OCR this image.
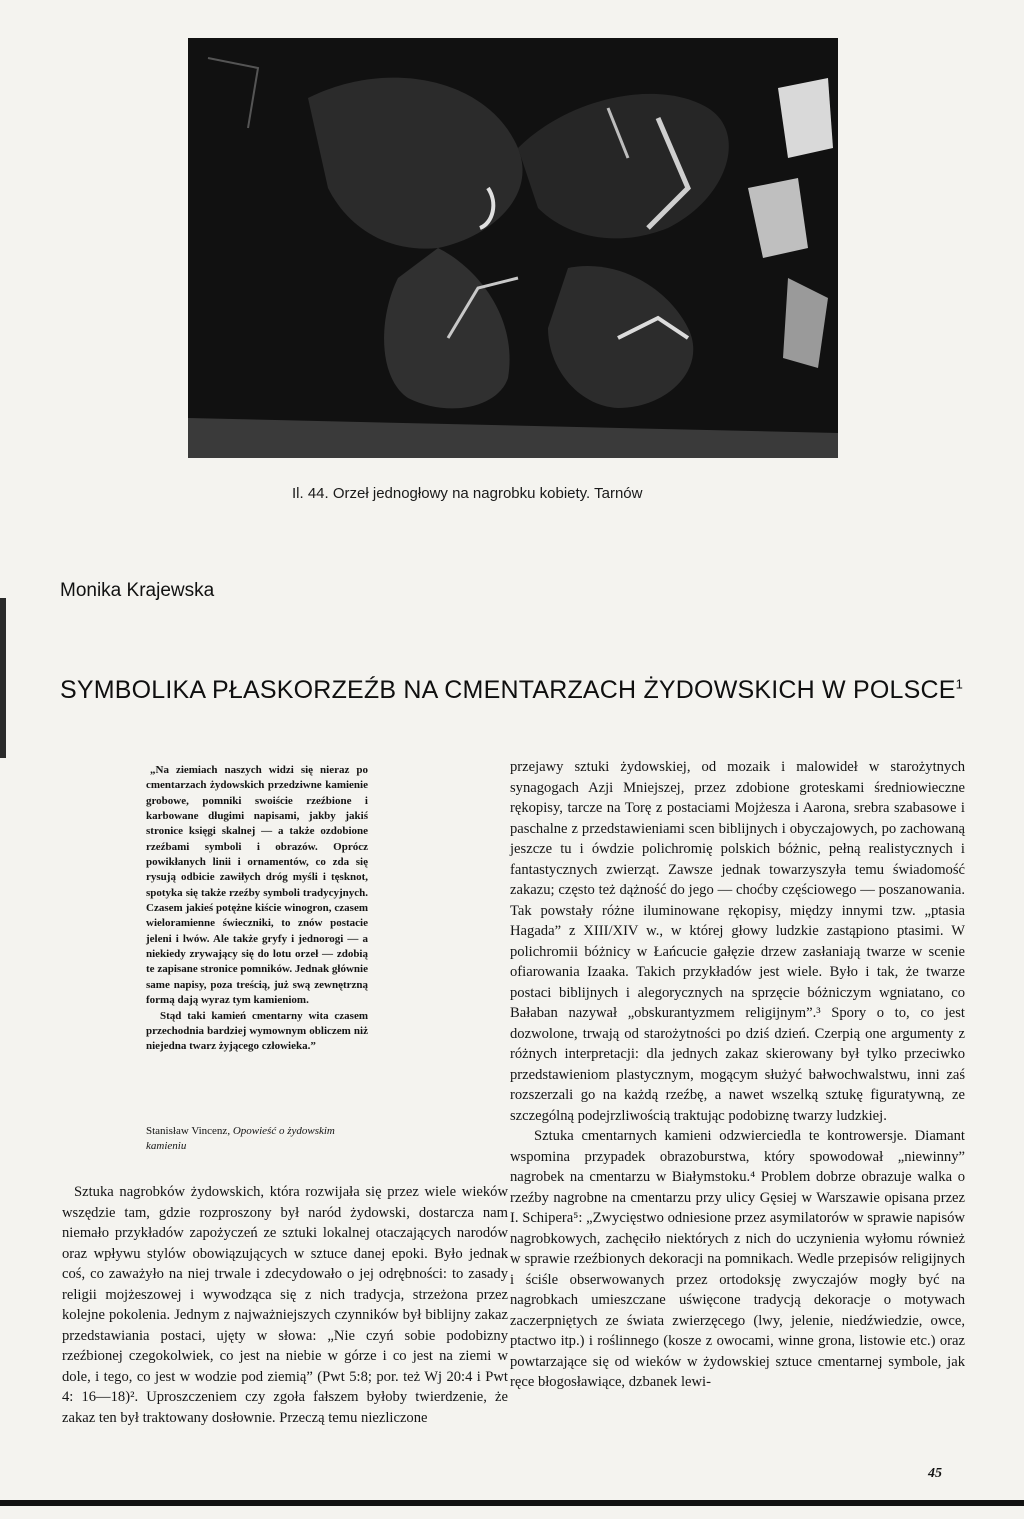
Il. 44. Orzeł jednogłowy na nagrobku kobiety. Tarnów
Monika Krajewska
SYMBOLIKA PŁASKORZEŹB NA CMENTARZACH ŻYDOWSKICH W POLSCE$^1$

„Na ziemiach naszych widzi się nieraz po cmentarzach żydowskich przedziwne kamienie grobowe, pomniki swoiście rzeźbione i karbowane długimi napisami, jakby jakiś stronice księgi skalnej — a także ozdobione rzeźbami symboli i obrazów. Oprócz powikłanych linii i ornamentów, co zda się rysują odbicie zawiłych dróg myśli i tęsknot, spotyka się także rzeźby symboli tradycyjnych. Czasem jakieś potężne kiście winogron, czasem wieloramienne świeczniki, to znów postacie jeleni i lwów. Ale także gryfy i jednorogi — a niekiedy zrywający się do lotu orzeł — zdobią te zapisane stronice pomników. Jednak głównie same napisy, poza treścią, już swą zewnętrzną formą dają wyraz tym kamieniom.

Stąd taki kamień cmentarny wita czasem przechodnia bardziej wymownym obliczem niż niejedna twarz żyjącego człowieka.”

Stanisław Vincenz, Opowieść o żydowskim kamieniu

Sztuka nagrobków żydowskich, która rozwijała się przez wiele wieków wszędzie tam, gdzie rozproszony był naród żydowski, dostarcza nam niemało przykładów zapożyczeń ze sztuki lokalnej otaczających narodów oraz wpływu stylów obowiązujących w sztuce danej epoki. Było jednak coś, co zaważyło na niej trwale i zdecydowało o jej odrębności: to zasady religii mojżeszowej i wywodząca się z nich tradycja, strzeżona przez kolejne pokolenia. Jednym z najważniejszych czynników był biblijny zakaz przedstawiania postaci, ujęty w słowa: „Nie czyń sobie podobizny rzeźbionej czegokolwiek, co jest na niebie w górze i co jest na ziemi w dole, i tego, co jest w wodzie pod ziemią” (Pwt 5:8; por. też Wj 20:4 i Pwt 4: 16—18)². Uproszczeniem czy zgoła fałszem byłoby twierdzenie, że zakaz ten był traktowany dosłownie. Przeczą temu niezliczone

przejawy sztuki żydowskiej, od mozaik i malowideł w starożytnych synagogach Azji Mniejszej, przez zdobione groteskami średniowieczne rękopisy, tarcze na Torę z postaciami Mojżesza i Aarona, srebra szabasowe i paschalne z przedstawieniami scen biblijnych i obyczajowych, po zachowaną jeszcze tu i ówdzie polichromię polskich bóżnic, pełną realistycznych i fantastycznych zwierząt. Zawsze jednak towarzyszyła temu świadomość zakazu; często też dążność do jego — choćby częściowego — poszanowania. Tak powstały różne iluminowane rękopisy, między innymi tzw. „ptasia Hagada” z XIII/XIV w., w której głowy ludzkie zastąpiono ptasimi. W polichromii bóżnicy w Łańcucie gałęzie drzew zasłaniają twarze w scenie ofiarowania Izaaka. Takich przykładów jest wiele. Było i tak, że twarze postaci biblijnych i alegorycznych na sprzęcie bóżniczym wgniatano, co Bałaban nazywał „obskurantyzmem religijnym”.³ Spory o to, co jest dozwolone, trwają od starożytności po dziś dzień. Czerpią one argumenty z różnych interpretacji: dla jednych zakaz skierowany był tylko przeciwko przedstawieniom plastycznym, mogącym służyć bałwochwalstwu, inni zaś rozszerzali go na każdą rzeźbę, a nawet wszelką sztukę figuratywną, ze szczególną podejrzliwością traktując podobiznę twarzy ludzkiej.

Sztuka cmentarnych kamieni odzwierciedla te kontrowersje. Diamant wspomina przypadek obrazoburstwa, który spowodował „niewinny” nagrobek na cmentarzu w Białymstoku.⁴ Problem dobrze obrazuje walka o rzeźby nagrobne na cmentarzu przy ulicy Gęsiej w Warszawie opisana przez I. Schipera⁵: „Zwycięstwo odniesione przez asymilatorów w sprawie napisów nagrobkowych, zachęciło niektórych z nich do uczynienia wyłomu również w sprawie rzeźbionych dekoracji na pomnikach. Wedle przepisów religijnych i ściśle obserwowanych przez ortodoksję zwyczajów mogły być na nagrobkach umieszczane uświęcone tradycją dekoracje o motywach zaczerpniętych ze świata zwierzęcego (lwy, jelenie, niedźwiedzie, owce, ptactwo itp.) i roślinnego (kosze z owocami, winne grona, listowie etc.) oraz powtarzające się od wieków w żydowskiej sztuce cmentarnej symbole, jak ręce błogosławiące, dzbanek lewi-

45
